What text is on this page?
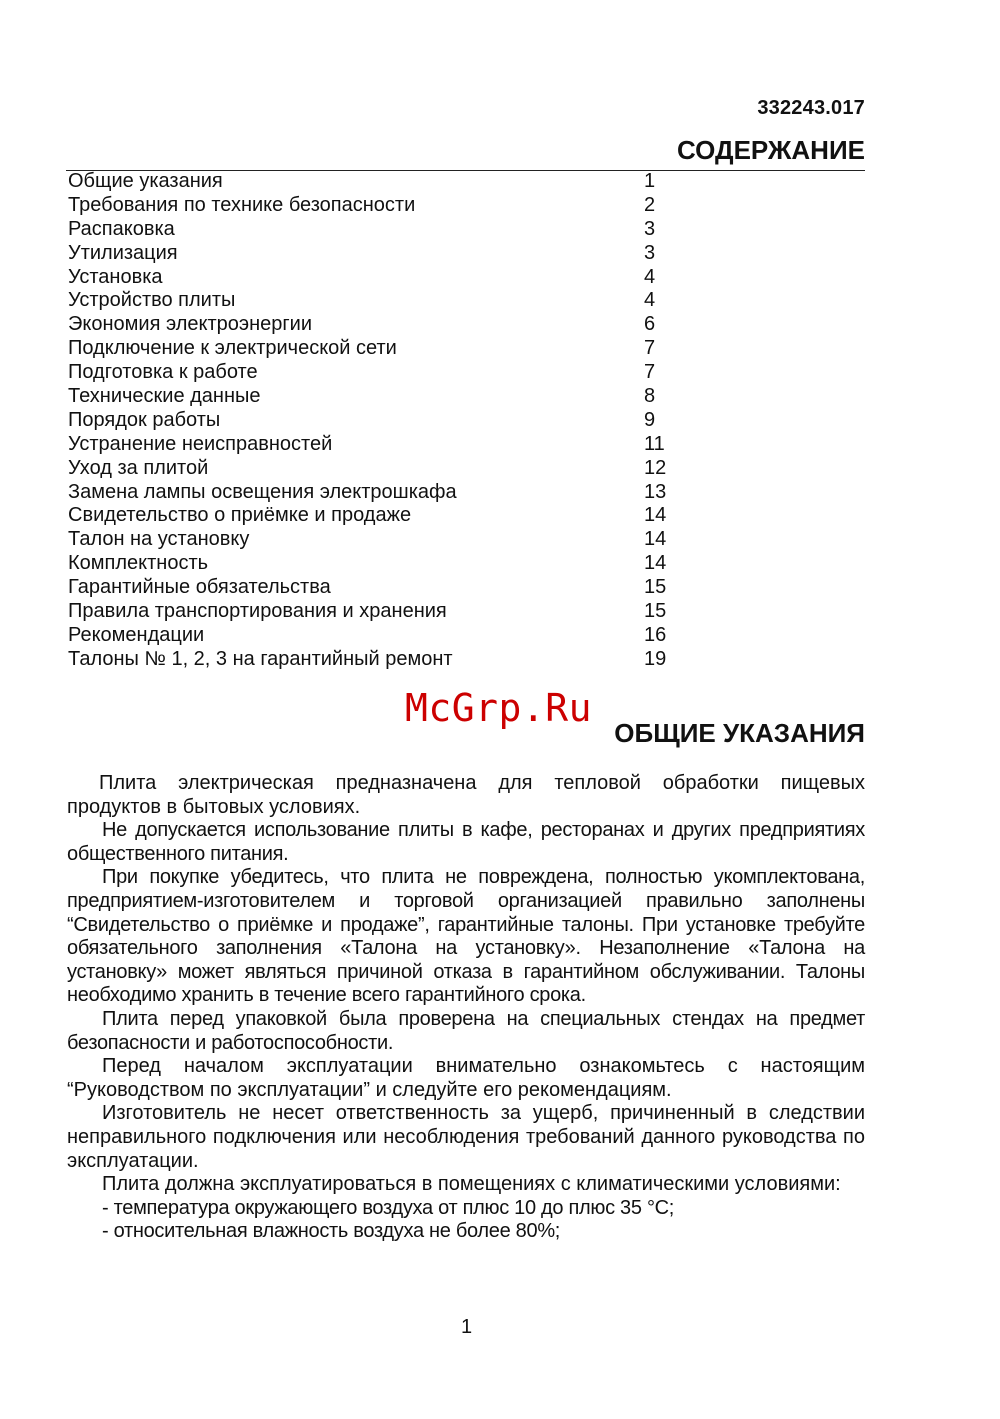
332243.017
СОДЕРЖАНИЕ
Общие указания	1
Требования по технике безопасности	2
Распаковка	3
Утилизация	3
Установка	4
Устройство плиты	4
Экономия электроэнергии	6
Подключение к электрической сети	7
Подготовка к работе	7
Технические данные	8
Порядок работы	9
Устранение неисправностей	11
Уход за плитой	12
Замена лампы освещения электрошкафа	13
Свидетельство о приёмке и продаже	14
Талон на установку	14
Комплектность	14
Гарантийные обязательства	15
Правила транспортирования и хранения	15
Рекомендации	16
Талоны № 1, 2, 3 на гарантийный ремонт	19
McGrp.Ru
ОБЩИЕ УКАЗАНИЯ

Плита электрическая предназначена для тепловой обработки пищевых продуктов в бытовых условиях.

Не допускается использование плиты в кафе, ресторанах и других предприятиях общественного питания.

При покупке убедитесь, что плита не повреждена, полностью укомплектована, предприятием-изготовителем и торговой организацией правильно заполнены “Свидетельство о приёмке и продаже”, гарантийные талоны. При установке требуйте обязательного заполнения «Талона на установку». Незаполнение «Талона на установку» может являться причиной отказа в гарантийном обслуживании. Талоны необходимо хранить в течение всего гарантийного срока.

Плита перед упаковкой была проверена на специальных стендах на предмет безопасности и работоспособности.

Перед началом эксплуатации внимательно ознакомьтесь с настоящим “Руководством по эксплуатации” и следуйте его рекомендациям.

Изготовитель не несет ответственность за ущерб, причиненный в следствии неправильного подключения или несоблюдения требований данного руководства по эксплуатации.

Плита должна эксплуатироваться в помещениях с климатическими условиями:

- температура окружающего воздуха от плюс 10 до плюс 35 °С;

- относительная влажность воздуха не более 80%;

1
